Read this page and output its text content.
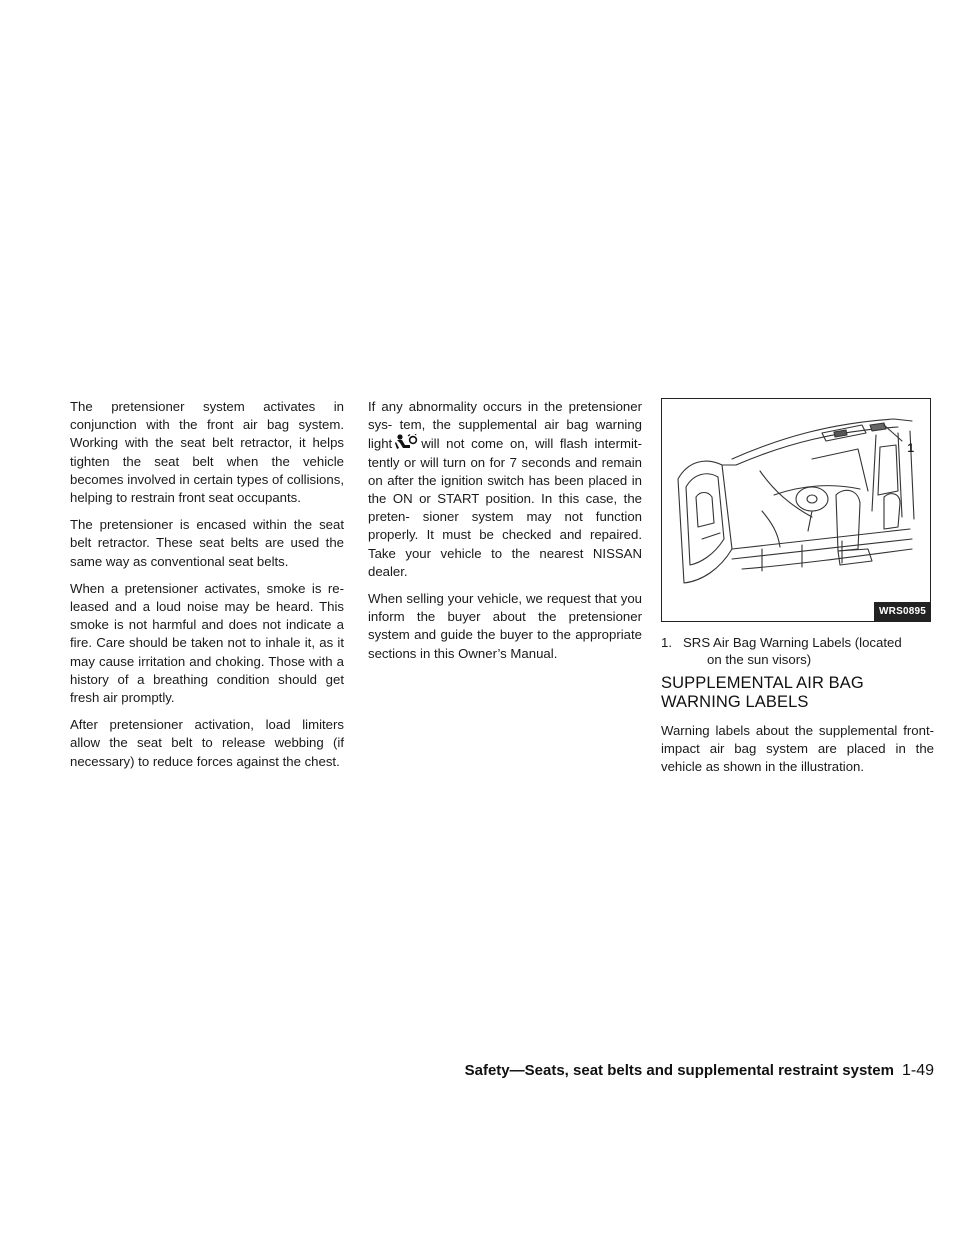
The pretensioner system activates in conjunction with the front air bag system. Working with the seat belt retractor, it helps tighten the seat belt when the vehicle becomes involved in certain types of collisions, helping to restrain front seat occupants.

The pretensioner is encased within the seat belt retractor. These seat belts are used the same way as conventional seat belts.

When a pretensioner activates, smoke is re- leased and a loud noise may be heard. This smoke is not harmful and does not indicate a fire. Care should be taken not to inhale it, as it may cause irritation and choking. Those with a history of a breathing condition should get fresh air promptly.

After pretensioner activation, load limiters allow the seat belt to release webbing (if necessary) to reduce forces against the chest.

If any abnormality occurs in the pretensioner sys- tem, the supplemental air bag warning light will not come on, will flash intermit- tently or will turn on for 7 seconds and remain on after the ignition switch has been placed in the ON or START position. In this case, the preten- sioner system may not function properly. It must be checked and repaired. Take your vehicle to the nearest NISSAN dealer.

When selling your vehicle, we request that you inform the buyer about the pretensioner system and guide the buyer to the appropriate sections in this Owner’s Manual.

1
WRS0895
1. SRS Air Bag Warning Labels (located
on the sun visors)
SUPPLEMENTAL AIR BAG
WARNING LABELS

Warning labels about the supplemental front- impact air bag system are placed in the vehicle as shown in the illustration.

Safety—Seats, seat belts and supplemental restraint system 1-49
